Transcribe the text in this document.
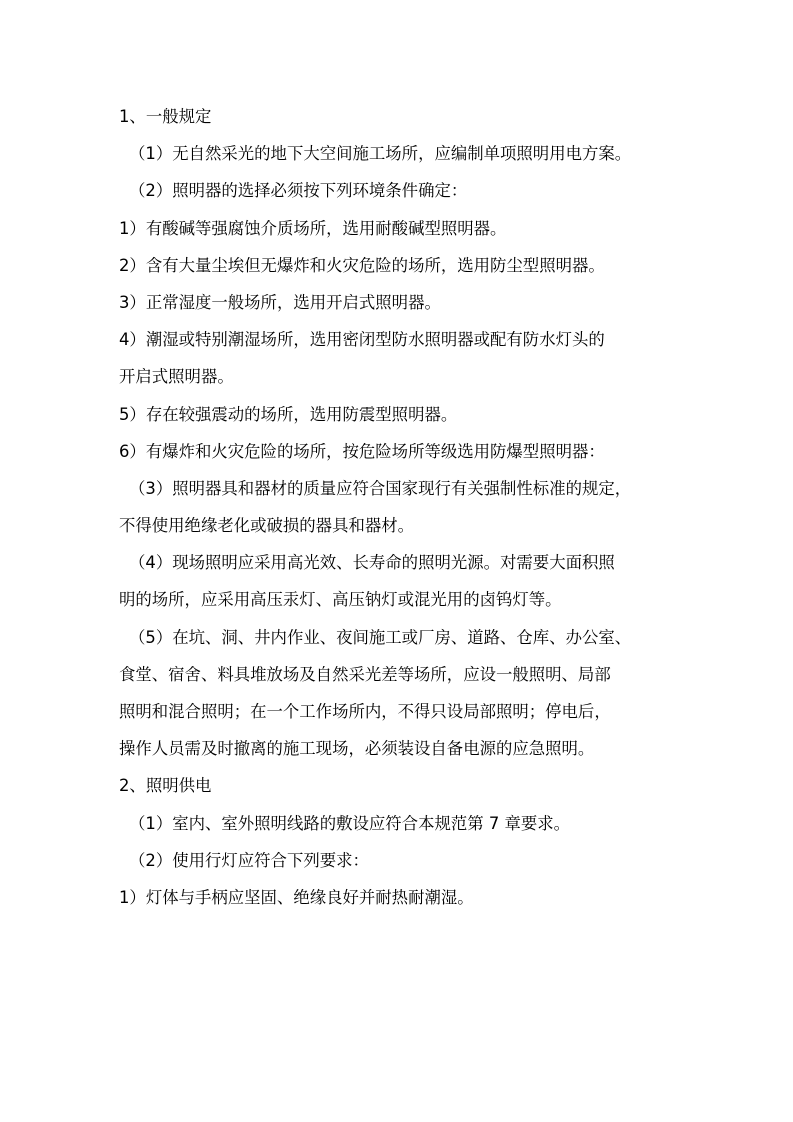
1、一般规定
（1）无自然采光的地下大空间施工场所，应编制单项照明用电方案。
（2）照明器的选择必须按下列环境条件确定：
1）有酸碱等强腐蚀介质场所，选用耐酸碱型照明器。
2）含有大量尘埃但无爆炸和火灾危险的场所，选用防尘型照明器。
3）正常湿度一般场所，选用开启式照明器。
4）潮湿或特别潮湿场所，选用密闭型防水照明器或配有防水灯头的
开启式照明器。
5）存在较强震动的场所，选用防震型照明器。
6）有爆炸和火灾危险的场所，按危险场所等级选用防爆型照明器：
（3）照明器具和器材的质量应符合国家现行有关强制性标准的规定，
不得使用绝缘老化或破损的器具和器材。
（4）现场照明应采用高光效、长寿命的照明光源。对需要大面积照
明的场所，应采用高压汞灯、高压钠灯或混光用的卤钨灯等。
（5）在坑、洞、井内作业、夜间施工或厂房、道路、仓库、办公室、
食堂、宿舍、料具堆放场及自然采光差等场所，应设一般照明、局部
照明和混合照明；在一个工作场所内，不得只设局部照明；停电后，
操作人员需及时撤离的施工现场，必须装设自备电源的应急照明。
2、照明供电
（1）室内、室外照明线路的敷设应符合本规范第 7 章要求。
（2）使用行灯应符合下列要求：
1）灯体与手柄应坚固、绝缘良好并耐热耐潮湿。
